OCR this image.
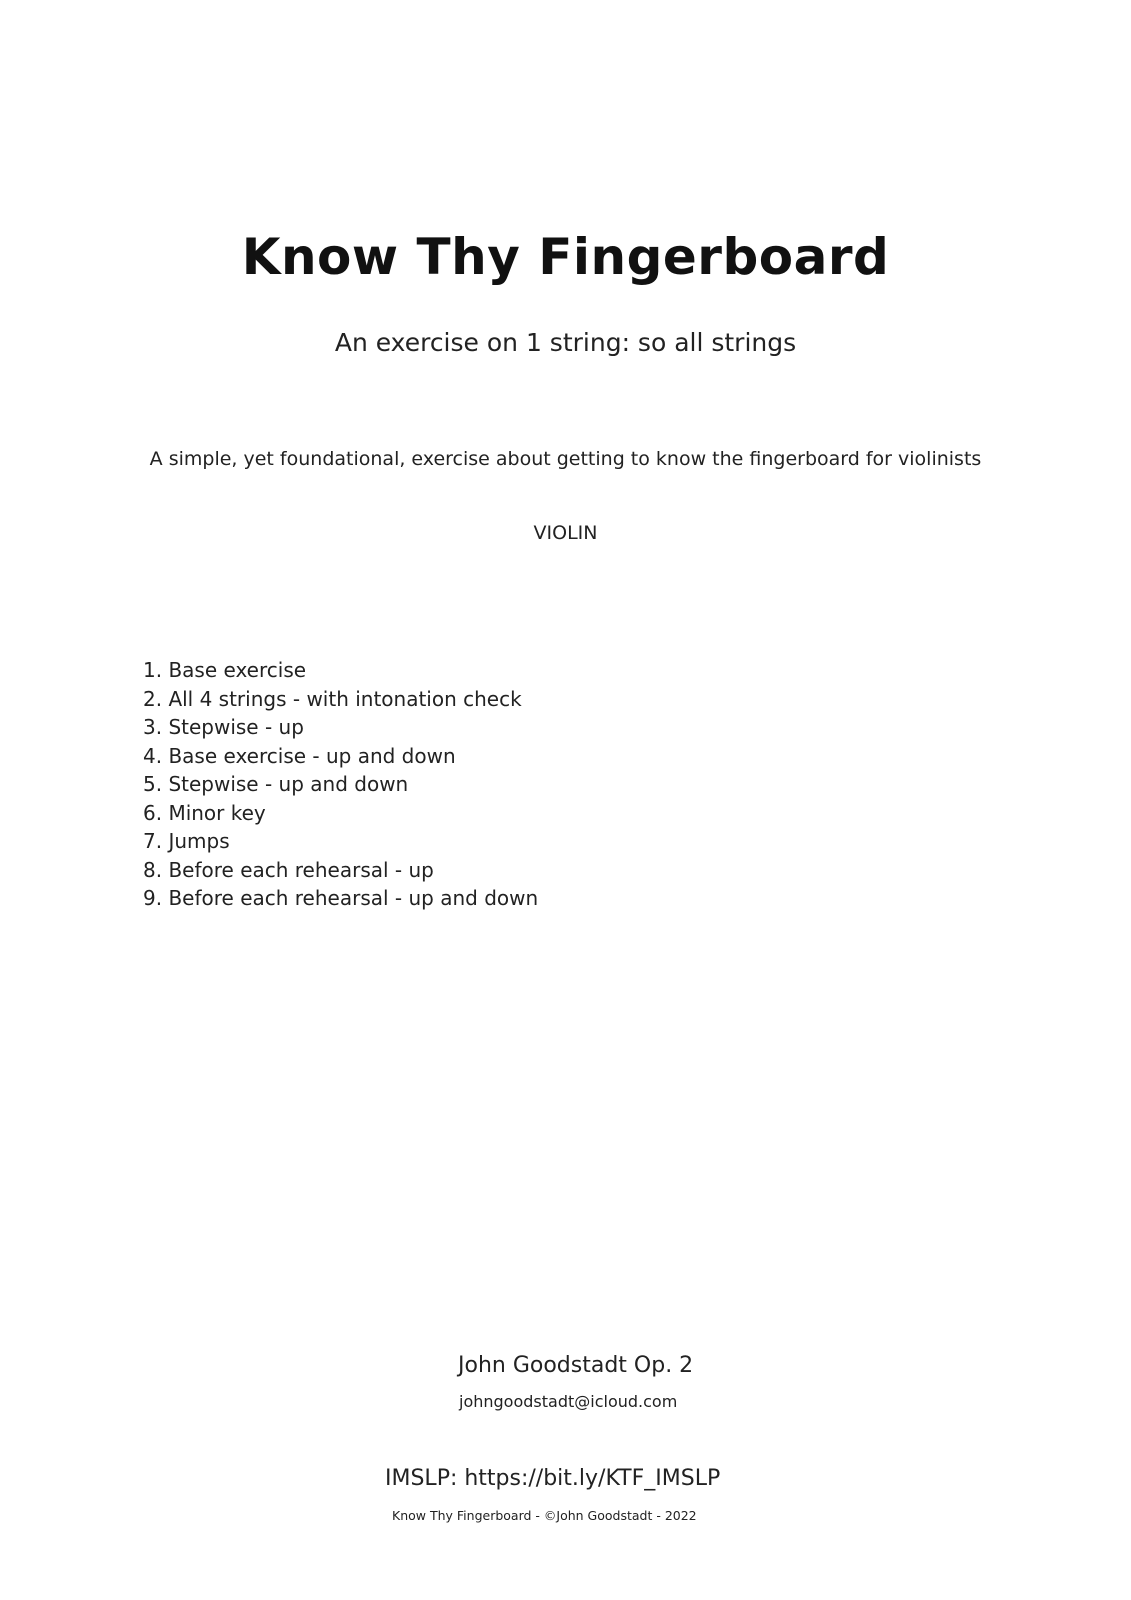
Know Thy Fingerboard
An exercise on 1 string: so all strings
A simple, yet foundational, exercise about getting to know the fingerboard for violinists
VIOLIN
1. Base exercise
2. All 4 strings - with intonation check
3. Stepwise - up
4. Base exercise - up and down
5. Stepwise - up and down
6. Minor key
7. Jumps
8. Before each rehearsal - up
9. Before each rehearsal - up and down
John Goodstadt Op. 2
johngoodstadt@icloud.com
IMSLP: https://bit.ly/KTF_IMSLP
Know Thy Fingerboard - ©John Goodstadt - 2022
